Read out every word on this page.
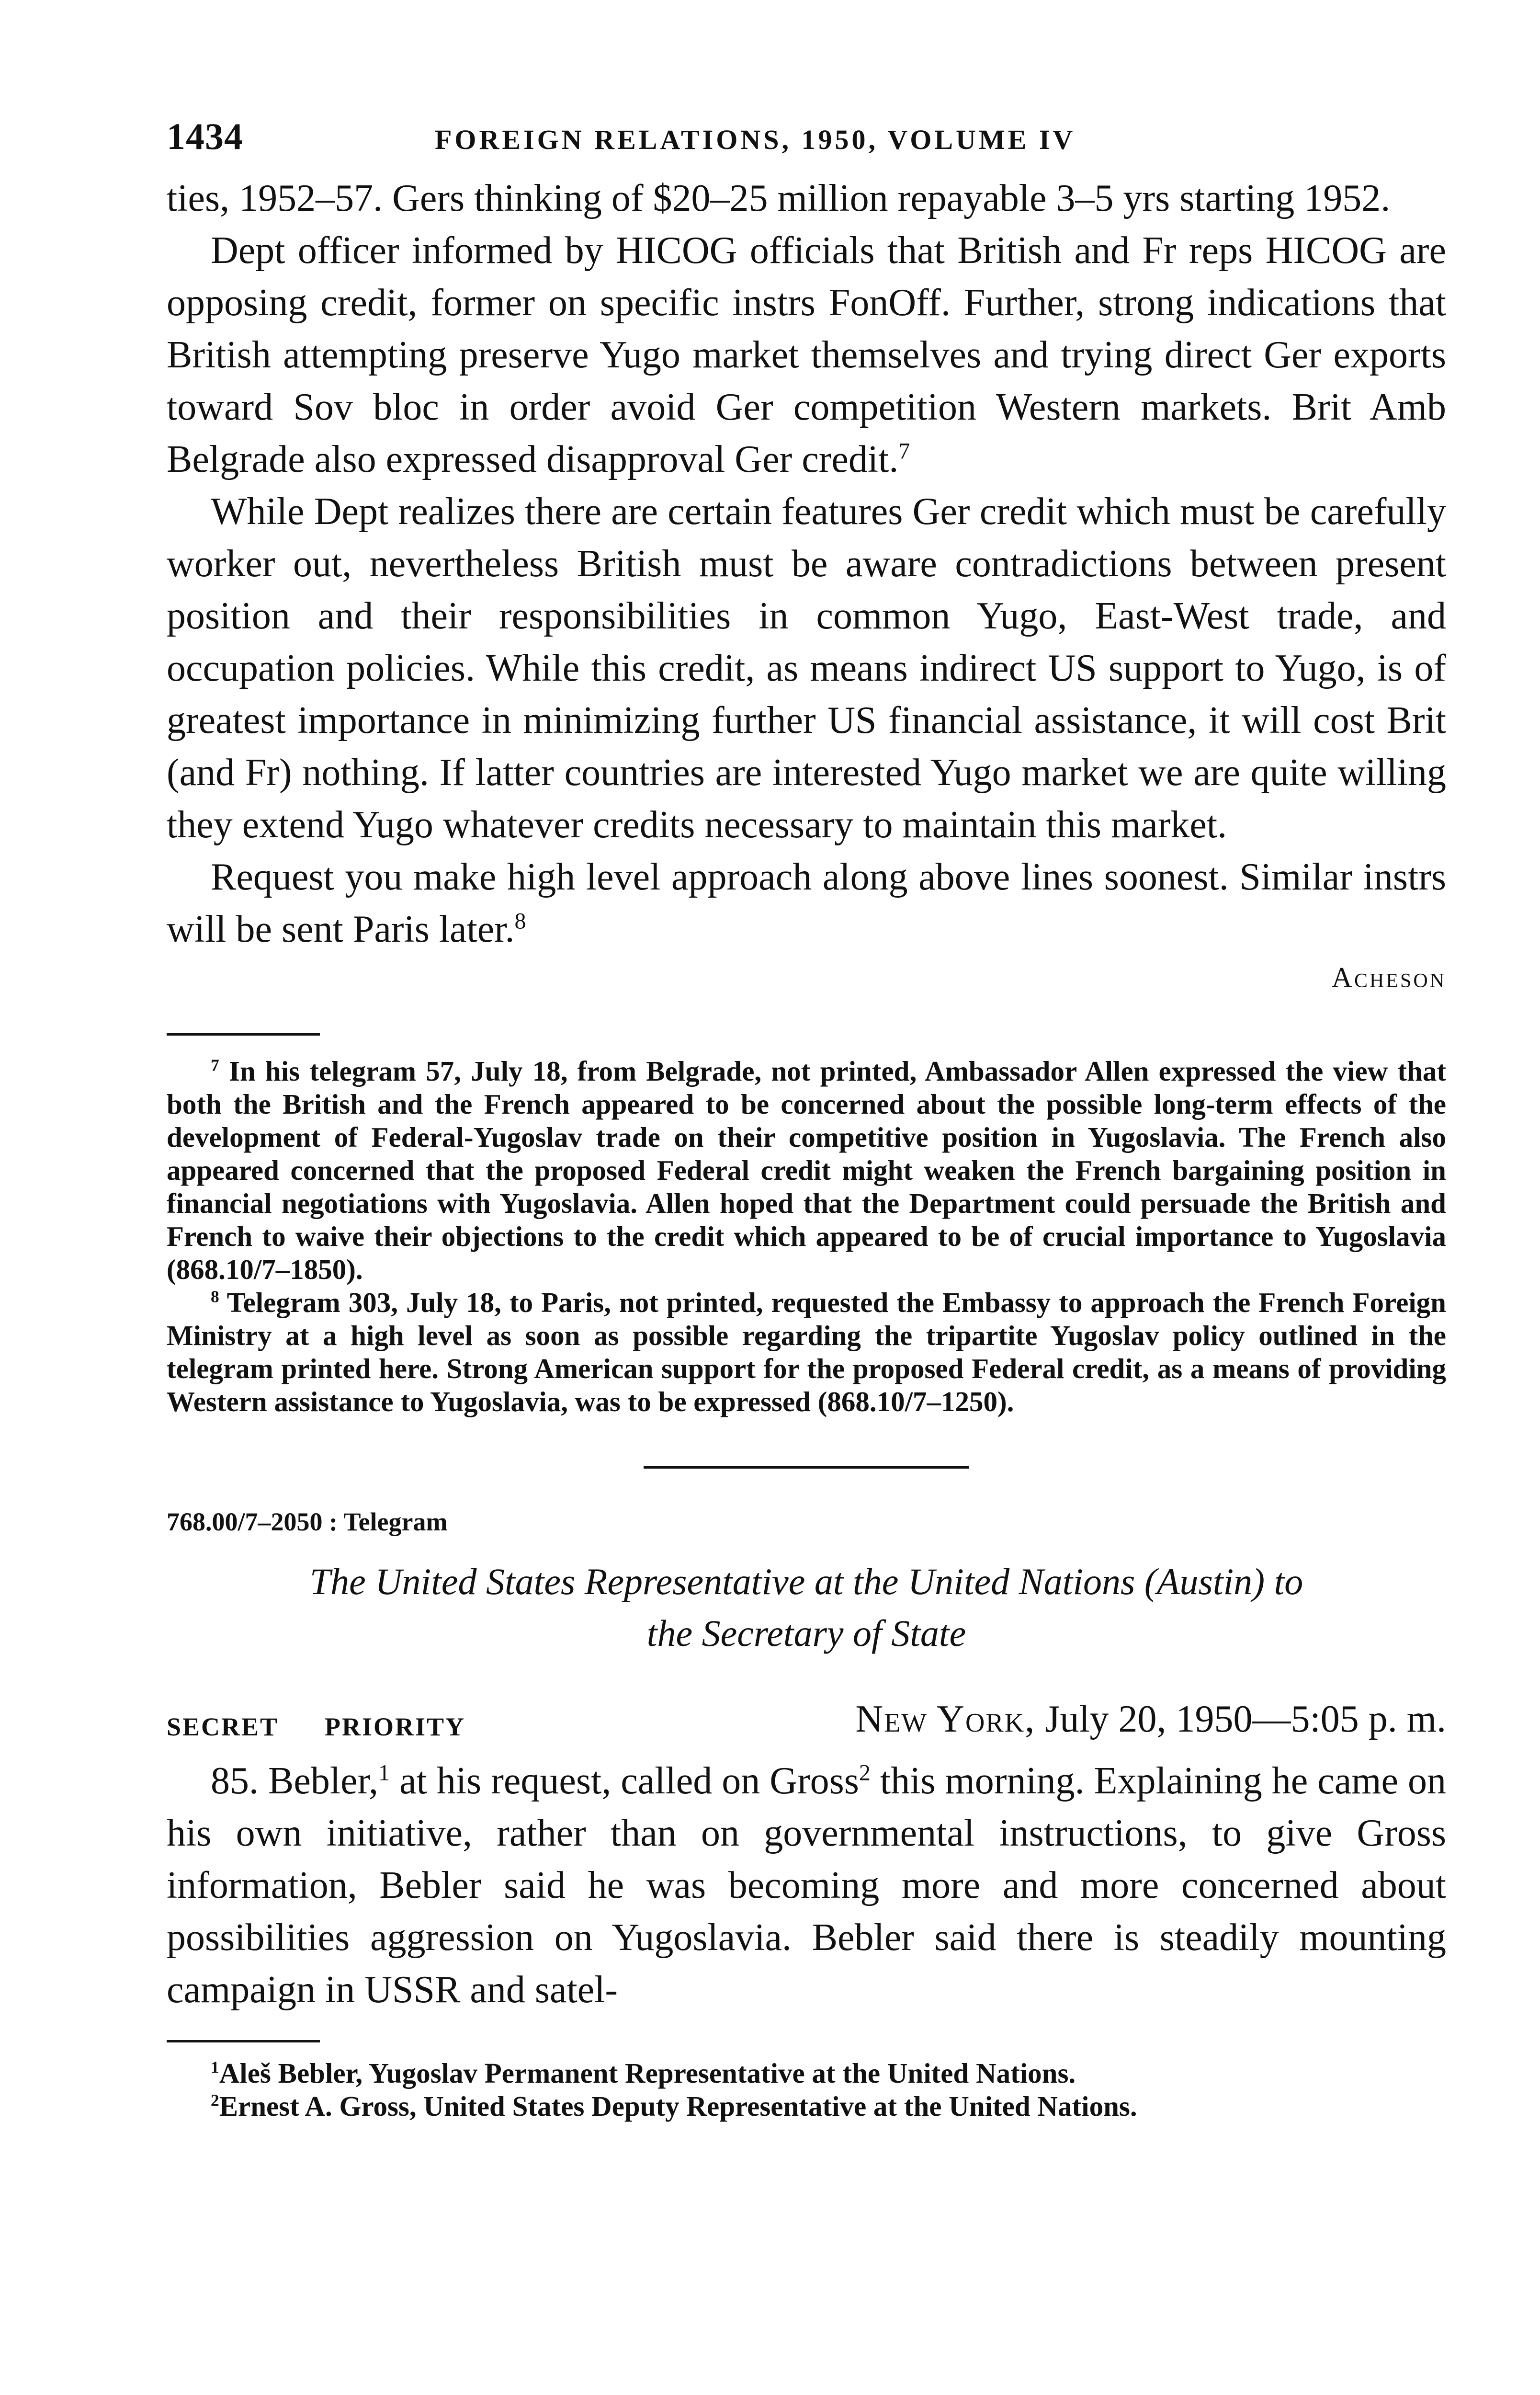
1434	FOREIGN RELATIONS, 1950, VOLUME IV

ties, 1952–57. Gers thinking of $20–25 million repayable 3–5 yrs starting 1952.

Dept officer informed by HICOG officials that British and Fr reps HICOG are opposing credit, former on specific instrs FonOff. Further, strong indications that British attempting preserve Yugo market themselves and trying direct Ger exports toward Sov bloc in order avoid Ger competition Western markets. Brit Amb Belgrade also expressed disapproval Ger credit.$^7$

While Dept realizes there are certain features Ger credit which must be carefully worker out, nevertheless British must be aware contradictions between present position and their responsibilities in common Yugo, East-West trade, and occupation policies. While this credit, as means indirect US support to Yugo, is of greatest importance in minimizing further US financial assistance, it will cost Brit (and Fr) nothing. If latter countries are interested Yugo market we are quite willing they extend Yugo whatever credits necessary to maintain this market.

Request you make high level approach along above lines soonest. Similar instrs will be sent Paris later.$^8$

Acheson

$^7$ In his telegram 57, July 18, from Belgrade, not printed, Ambassador Allen expressed the view that both the British and the French appeared to be concerned about the possible long-term effects of the development of Federal-Yugoslav trade on their competitive position in Yugoslavia. The French also appeared concerned that the proposed Federal credit might weaken the French bargaining position in financial negotiations with Yugoslavia. Allen hoped that the Department could persuade the British and French to waive their objections to the credit which appeared to be of crucial importance to Yugoslavia (868.10/7–1850).

$^8$ Telegram 303, July 18, to Paris, not printed, requested the Embassy to approach the French Foreign Ministry at a high level as soon as possible regarding the tripartite Yugoslav policy outlined in the telegram printed here. Strong American support for the proposed Federal credit, as a means of providing Western assistance to Yugoslavia, was to be expressed (868.10/7–1250).

768.00/7–2050 : Telegram

The United States Representative at the United Nations (Austin) to
the Secretary of State
SECRET PRIORITY	New York, July 20, 1950—5:05 p. m.

85. Bebler,$^1$ at his request, called on Gross$^2$ this morning. Explaining he came on his own initiative, rather than on governmental instructions, to give Gross information, Bebler said he was becoming more and more concerned about possibilities aggression on Yugoslavia. Bebler said there is steadily mounting campaign in USSR and satel-

$^1$Aleš Bebler, Yugoslav Permanent Representative at the United Nations.

$^2$Ernest A. Gross, United States Deputy Representative at the United Nations.
